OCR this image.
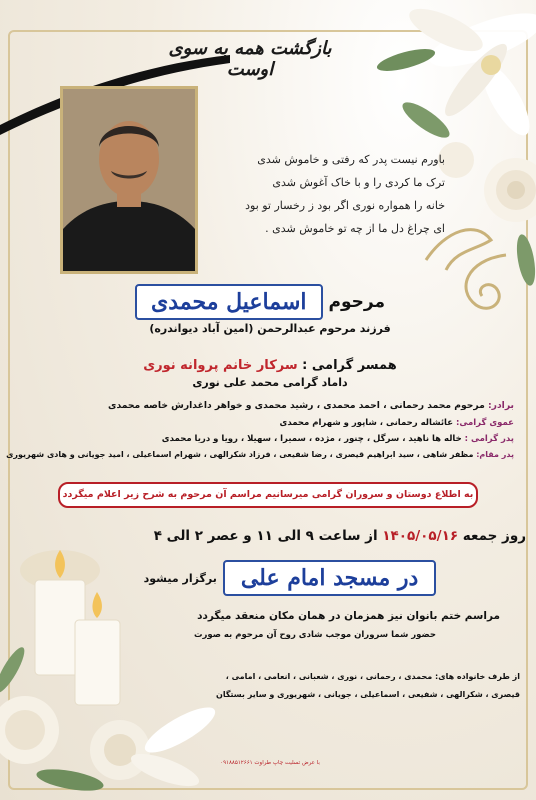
بازگشت همه به سوی اوست
باورم نیست پدر که رفتی و خاموش شدی
ترک ما کردی را و با خاک آغوش شدی
خانه را همواره نوری اگر بود ز رخسار تو بود
ای چراغ دل ما از چه تو خاموش شدی .
مرحوم
اسماعیل محمدی
فرزند مرحوم عبدالرحمن (امین آباد دیواندره)
همسر گرامی : سرکار خانم پروانه نوری
داماد گرامی محمد علی نوری
برادر: مرحوم محمد رحمانی ، احمد محمدی ، رشید محمدی و خواهر داغدارش خاصه محمدی
عموی گرامی: عائشاله رحمانی ، شاپور و شهرام محمدی
پدر گرامی : خاله ها ناهید ، سرگل ، چنور ، مژده ، سمیرا ، سهیلا ، رویا و دریا محمدی
پدر مقام: مظفر شاهی ، سید ابراهیم قیصری ، رضا شفیعی ، فرزاد شکرالهی ، شهرام اسماعیلی ، امید جویانی و هادی شهریوری
به اطلاع دوستان و سروران گرامی میرسانیم مراسم آن مرحوم به شرح زیر اعلام میگردد
روز جمعه ۱۴۰۵/۰۵/۱۶ از ساعت ۹ الی ۱۱ و عصر ۲ الی ۴
در مسجد امام علی
برگزار میشود
مراسم ختم بانوان نیز همزمان در همان مکان منعقد میگردد
حضور شما سروران موجب شادی روح آن مرحوم به صورت
از طرف خانواده های: محمدی ، رحمانی ، نوری ، شعبانی ، انعامی ، امامی ،
قیصری ، شکرالهی ، شفیعی ، اسماعیلی ، جویانی ، شهریوری و سایر بستگان
با عرض تسلیت چاپ طراوت ۰۹۱۸۸۵۱۲۶۶۱
